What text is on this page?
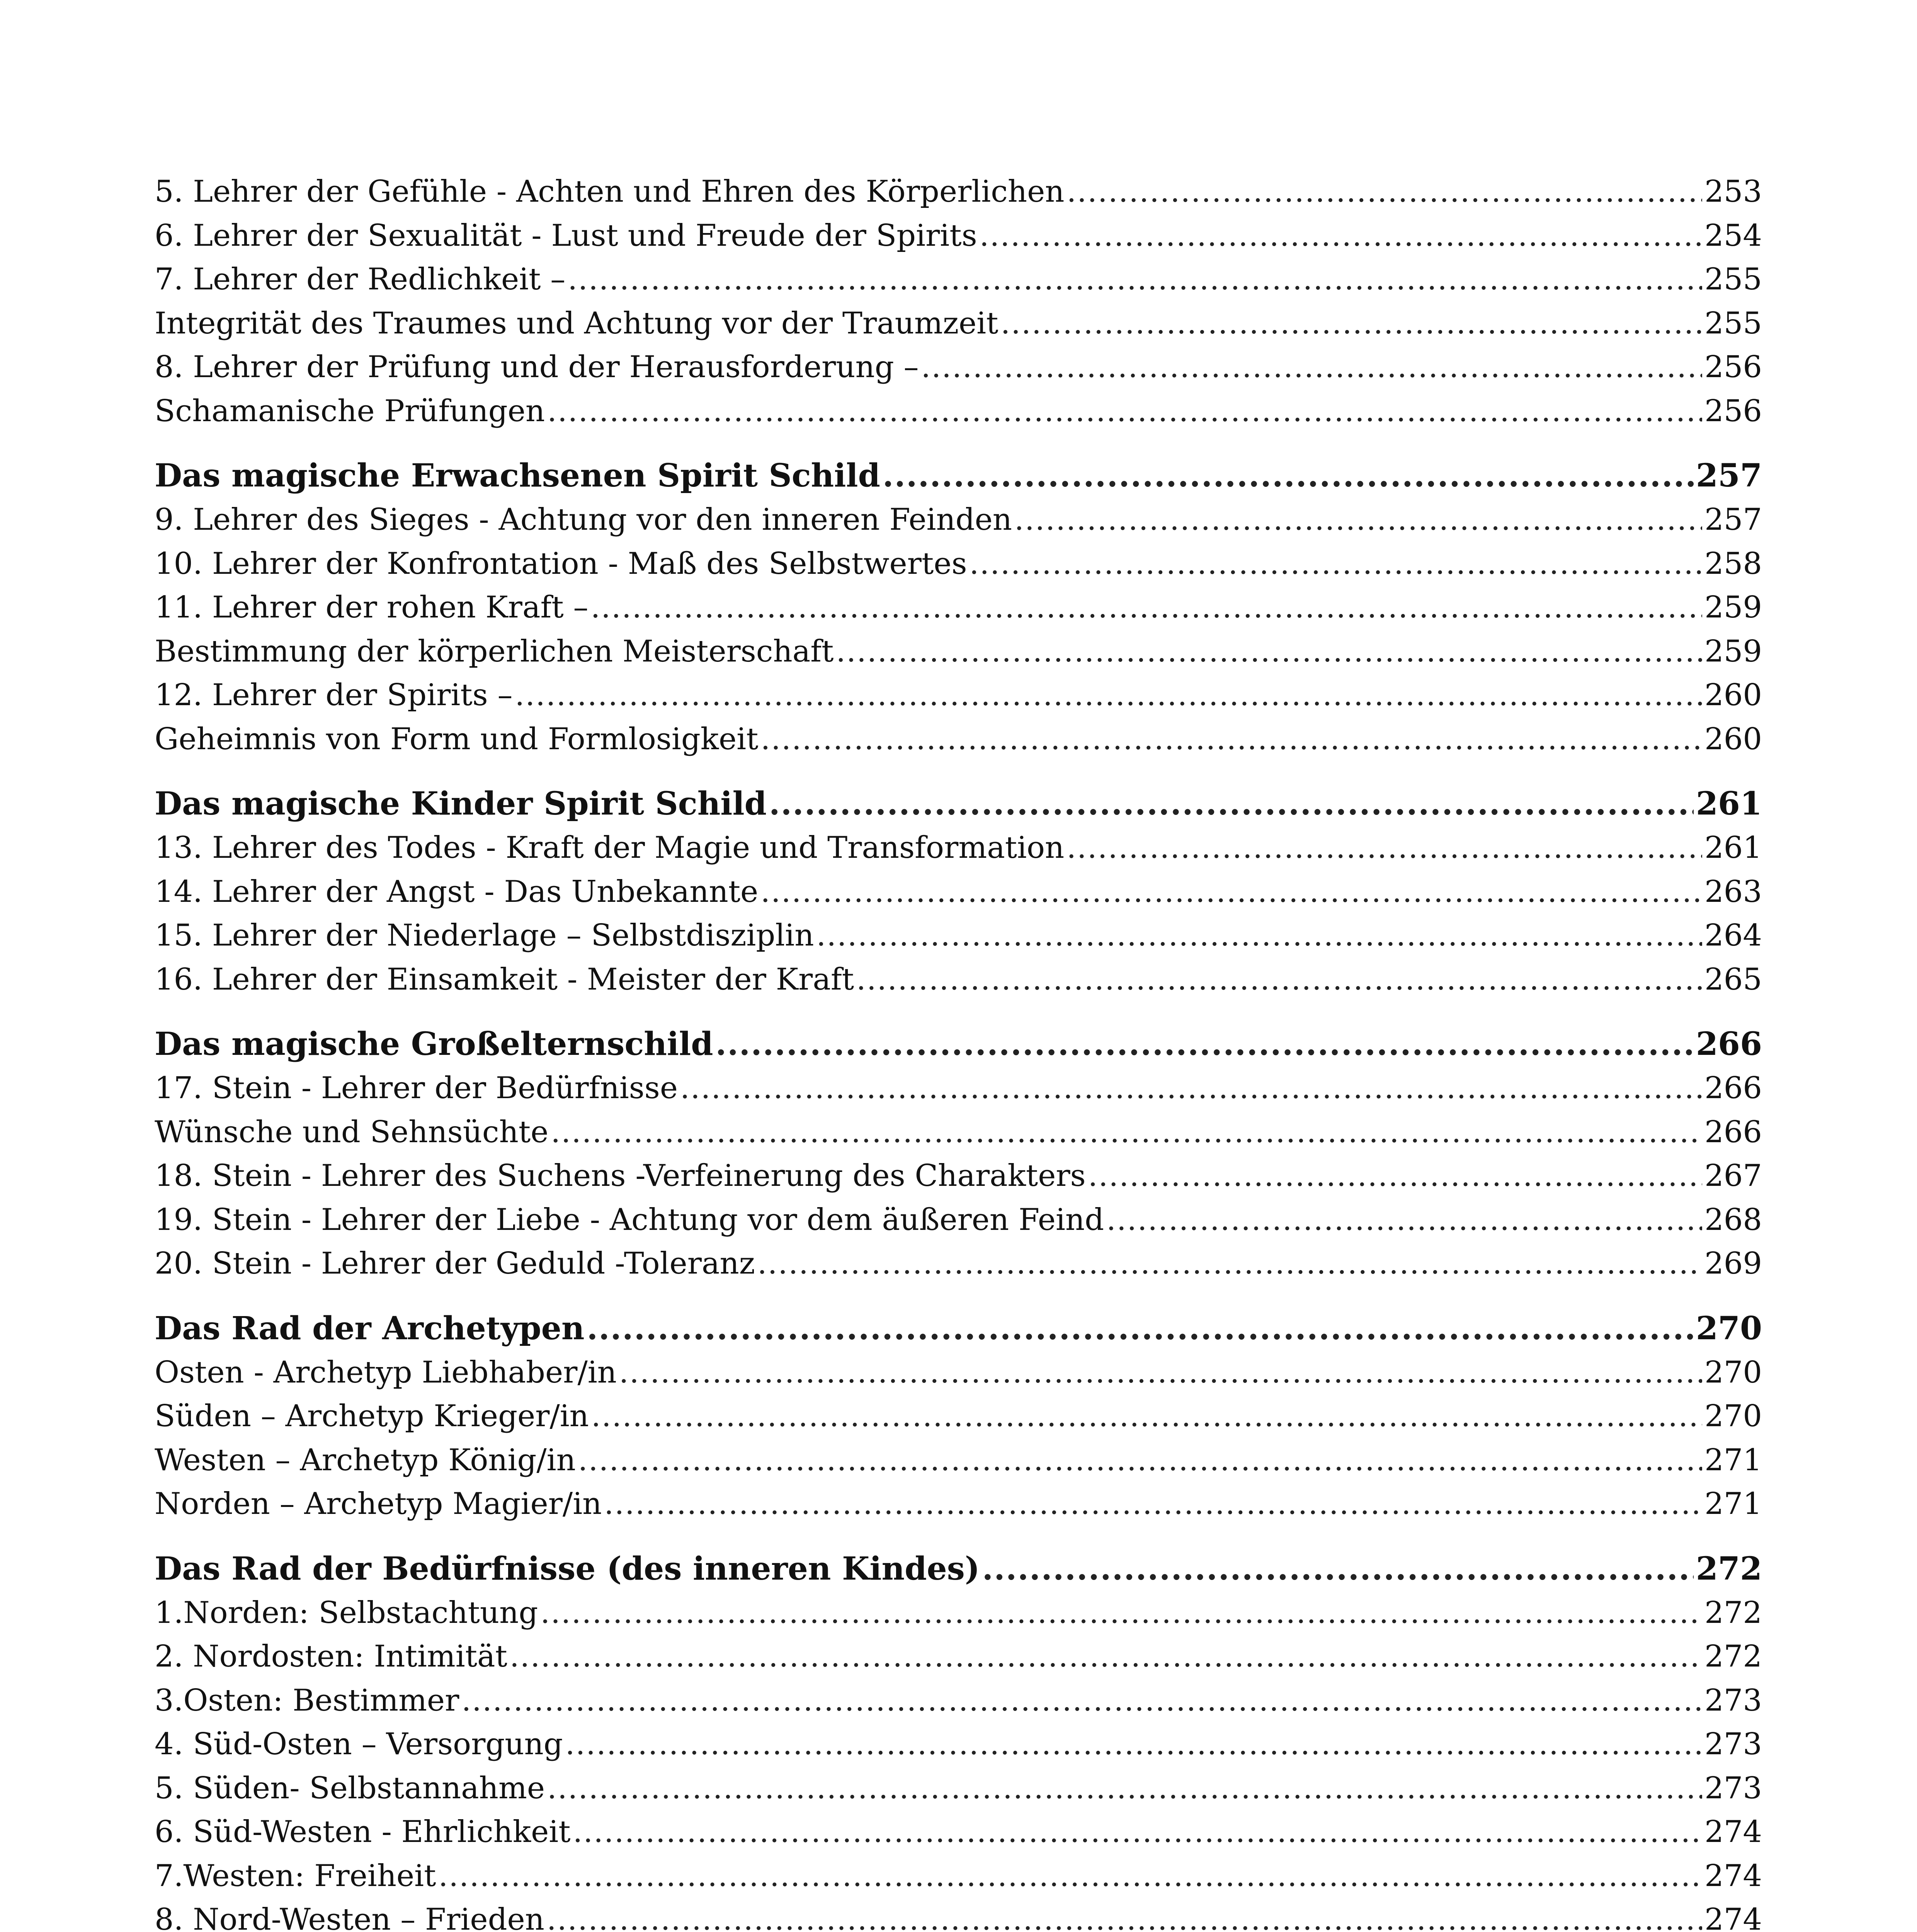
5. Lehrer der Gefühle - Achten und Ehren des Körperlichen .....	253
6. Lehrer der Sexualität - Lust und Freude der Spirits .....	254
7. Lehrer der Redlichkeit – .....	255
Integrität des Traumes und Achtung vor der Traumzeit .....	255
8. Lehrer der Prüfung und der Herausforderung – .....	256
Schamanische Prüfungen .....	256
Das magische Erwachsenen Spirit Schild .....	257
9. Lehrer des Sieges - Achtung vor den inneren Feinden .....	257
10. Lehrer der Konfrontation - Maß des Selbstwertes .....	258
11. Lehrer der rohen Kraft – .....	259
Bestimmung der körperlichen Meisterschaft .....	259
12. Lehrer der Spirits – .....	260
Geheimnis von Form und Formlosigkeit .....	260
Das magische Kinder Spirit Schild .....	261
13. Lehrer des Todes - Kraft der Magie und Transformation .....	261
14. Lehrer der Angst - Das Unbekannte .....	263
15. Lehrer der Niederlage – Selbstdisziplin .....	264
16. Lehrer der Einsamkeit - Meister der Kraft .....	265
Das magische Großelternschild .....	266
17. Stein - Lehrer der Bedürfnisse .....	266
Wünsche und Sehnsüchte .....	266
18. Stein - Lehrer des Suchens -Verfeinerung des Charakters .....	267
19. Stein - Lehrer der Liebe - Achtung vor dem äußeren Feind .....	268
20. Stein - Lehrer der Geduld -Toleranz .....	269
Das Rad der Archetypen .....	270
Osten - Archetyp Liebhaber/in .....	270
Süden – Archetyp Krieger/in .....	270
Westen – Archetyp König/in .....	271
Norden – Archetyp Magier/in .....	271
Das Rad der Bedürfnisse (des inneren Kindes) .....	272
1.Norden: Selbstachtung .....	272
2. Nordosten: Intimität .....	272
3.Osten: Bestimmer .....	273
4. Süd-Osten – Versorgung .....	273
5. Süden- Selbstannahme .....	273
6. Süd-Westen - Ehrlichkeit .....	274
7.Westen: Freiheit .....	274
8. Nord-Westen – Frieden .....	274
